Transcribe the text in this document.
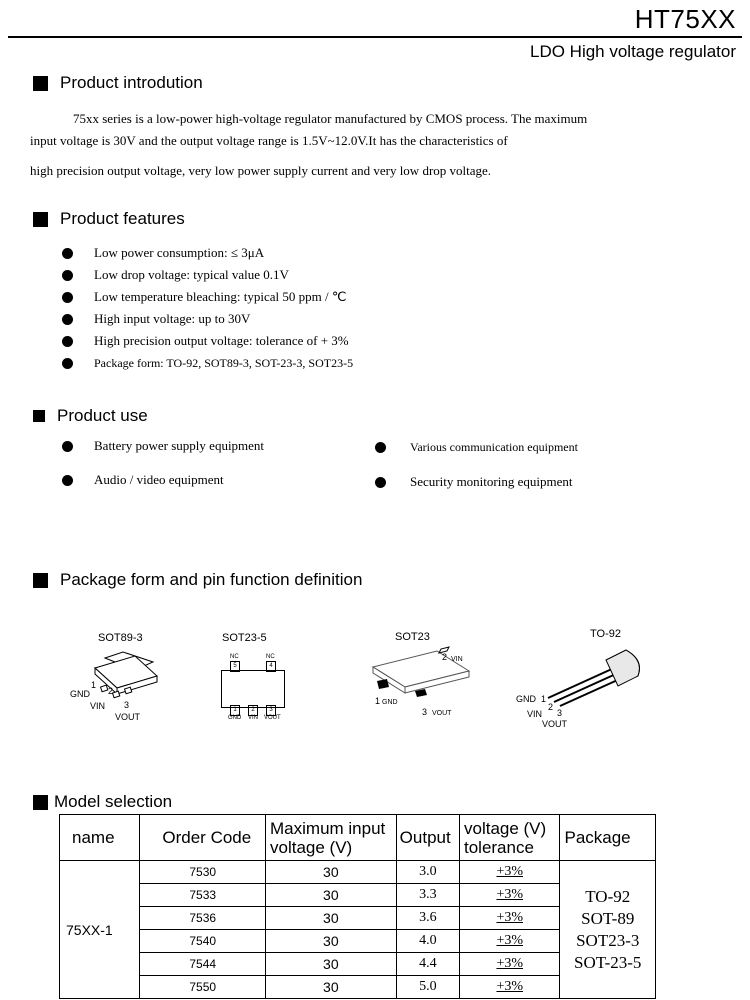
HT75XX
LDO High voltage regulator
Product introdution
75xx series is a low-power high-voltage regulator manufactured by CMOS process. The maximum
input voltage is 30V and the output voltage range is 1.5V~12.0V.It has the characteristics of
high precision output voltage, very low power supply current and very low drop voltage.
Product features
Low power consumption: ≤ 3μA
Low drop voltage: typical value 0.1V
Low temperature bleaching: typical 50 ppm / ℃
High input voltage: up to 30V
High precision output voltage: tolerance of + 3%
Package form: TO-92, SOT89-3, SOT-23-3, SOT23-5
Product use
Battery power supply equipment	Various communication equipment
Audio / video equipment	Security monitoring equipment
Package form and pin function definition
SOT89-3
1
2
3
GND
VIN
VOUT
SOT23-5
5	4
NC	NC
1	2	3
GND VIN VOUT
SOT23
2 VIN
1 GND
3 VOUT
TO-92
GND 1
2
VIN 3
VOUT
Model selection
name	Order Code	Maximum input voltage (V)	Output	voltage (V) tolerance	Package
75XX-1	7530	30	3.0	+3%	TO-92
SOT-89
SOT23-3
SOT-23-5

	7533	30	3.3	+3%	
	7536	30	3.6	+3%	
	7540	30	4.0	+3%	
	7544	30	4.4	+3%	
	7550	30	5.0	+3%	
